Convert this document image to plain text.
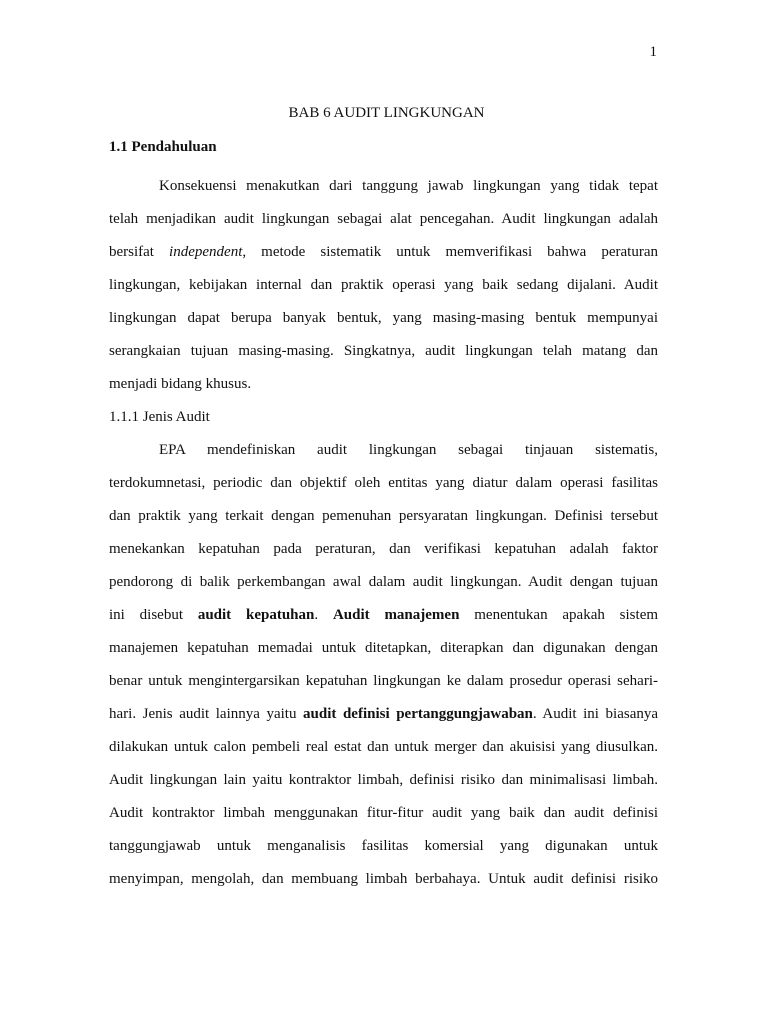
1
BAB 6 AUDIT LINGKUNGAN
1.1 Pendahuluan
Konsekuensi menakutkan dari tanggung jawab lingkungan yang tidak tepat
telah menjadikan audit lingkungan sebagai alat pencegahan. Audit lingkungan adalah
bersifat independent, metode sistematik untuk memverifikasi bahwa peraturan
lingkungan, kebijakan internal dan praktik operasi yang baik sedang dijalani. Audit
lingkungan dapat berupa banyak bentuk, yang masing-masing bentuk mempunyai
serangkaian tujuan masing-masing. Singkatnya, audit lingkungan telah matang dan
menjadi bidang khusus.
1.1.1 Jenis Audit
EPA mendefiniskan audit lingkungan sebagai tinjauan sistematis,
terdokumnetasi, periodic dan objektif oleh entitas yang diatur dalam operasi fasilitas
dan praktik yang terkait dengan pemenuhan persyaratan lingkungan. Definisi tersebut
menekankan kepatuhan pada peraturan, dan verifikasi kepatuhan adalah faktor
pendorong di balik perkembangan awal dalam audit lingkungan. Audit dengan tujuan
ini disebut audit kepatuhan. Audit manajemen menentukan apakah sistem
manajemen kepatuhan memadai untuk ditetapkan, diterapkan dan digunakan dengan
benar untuk mengintergarsikan kepatuhan lingkungan ke dalam prosedur operasi sehari-
hari. Jenis audit lainnya yaitu audit definisi pertanggungjawaban. Audit ini biasanya
dilakukan untuk calon pembeli real estat dan untuk merger dan akuisisi yang diusulkan.
Audit lingkungan lain yaitu kontraktor limbah, definisi risiko dan minimalisasi limbah.
Audit kontraktor limbah menggunakan fitur-fitur audit yang baik dan audit definisi
tanggungjawab untuk menganalisis fasilitas komersial yang digunakan untuk
menyimpan, mengolah, dan membuang limbah berbahaya. Untuk audit definisi risiko
